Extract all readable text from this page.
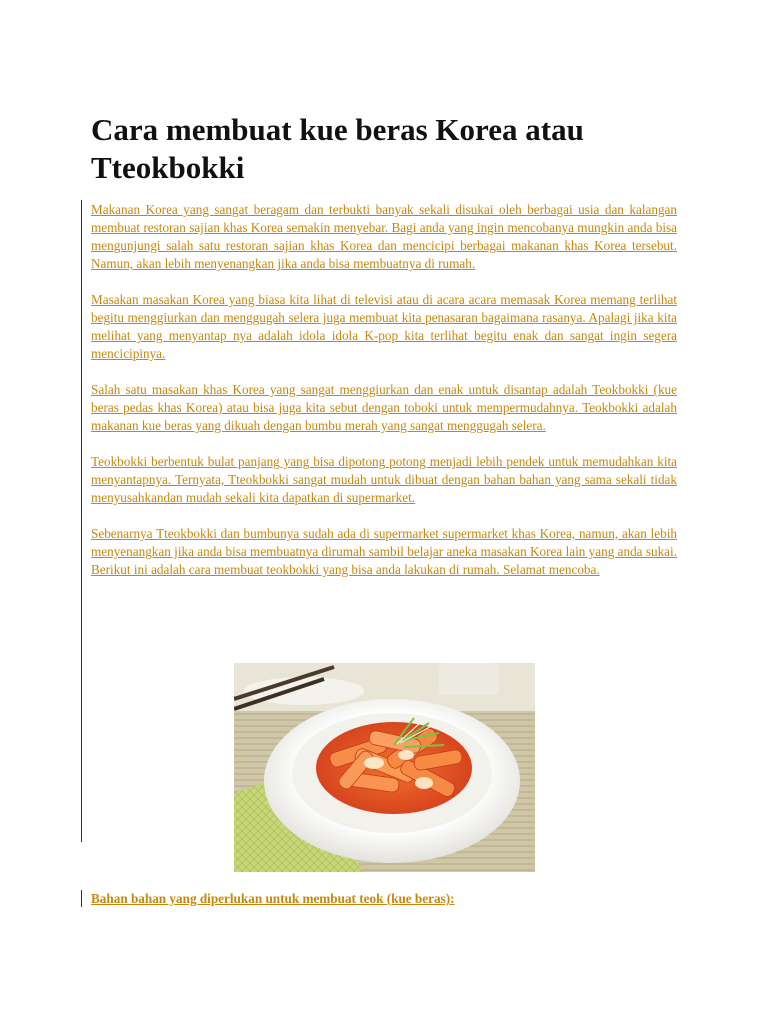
Cara membuat kue beras Korea atau Tteokbokki

Makanan Korea yang sangat beragam dan terbukti banyak sekali disukai oleh berbagai usia dan kalangan membuat restoran sajian khas Korea semakin menyebar. Bagi anda yang ingin mencobanya mungkin anda bisa mengunjungi salah satu restoran sajian khas Korea dan mencicipi berbagai makanan khas Korea tersebut. Namun, akan lebih menyenangkan jika anda bisa membuatnya di rumah.

Masakan masakan Korea yang biasa kita lihat di televisi atau di acara acara memasak Korea memang terlihat begitu menggiurkan dan menggugah selera juga membuat kita penasaran bagaimana rasanya. Apalagi jika kita melihat yang menyantap nya adalah idola idola K-pop kita terlihat begitu enak dan sangat ingin segera mencicipinya.

Salah satu masakan khas Korea yang sangat menggiurkan dan enak untuk disantap adalah Teokbokki (kue beras pedas khas Korea) atau bisa juga kita sebut dengan toboki untuk mempermudahnya. Teokbokki adalah makanan kue beras yang dikuah dengan bumbu merah yang sangat menggugah selera.

Teokbokki berbentuk bulat panjang yang bisa dipotong potong menjadi lebih pendek untuk memudahkan kita menyantapnya. Ternyata, Tteokbokki sangat mudah untuk dibuat dengan bahan bahan yang sama sekali tidak menyusahkandan mudah sekali kita dapatkan di supermarket.

Sebenarnya Tteokbokki dan bumbunya sudah ada di supermarket supermarket khas Korea, namun, akan lebih menyenangkan jika anda bisa membuatnya dirumah sambil belajar aneka masakan Korea lain yang anda sukai. Berikut ini adalah cara membuat teokbokki yang bisa anda lakukan di rumah. Selamat mencoba.

Bahan bahan yang diperlukan untuk membuat teok (kue beras):
